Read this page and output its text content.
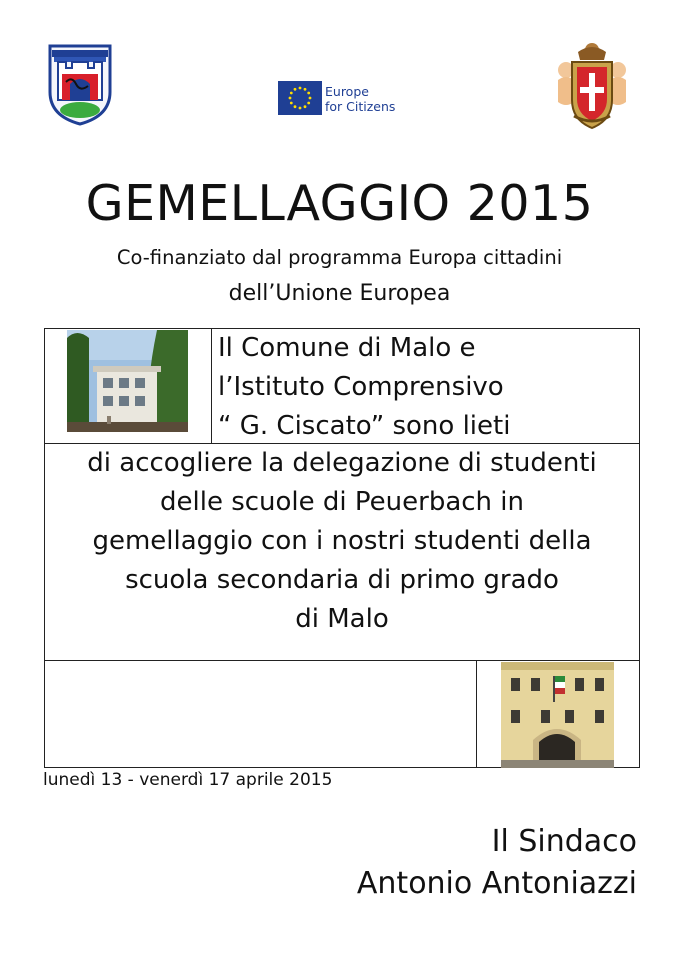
Europe
for Citizens
GEMELLAGGIO 2015
Co-finanziato dal programma Europa cittadini
dell’Unione Europea
Il Comune di Malo e
l’Istituto Comprensivo
“ G. Ciscato” sono lieti
di accogliere la delegazione di studenti
delle scuole di Peuerbach in
gemellaggio con i nostri studenti della
scuola secondaria di primo grado
di Malo
lunedì 13 - venerdì 17 aprile 2015
Il Sindaco
Antonio Antoniazzi
